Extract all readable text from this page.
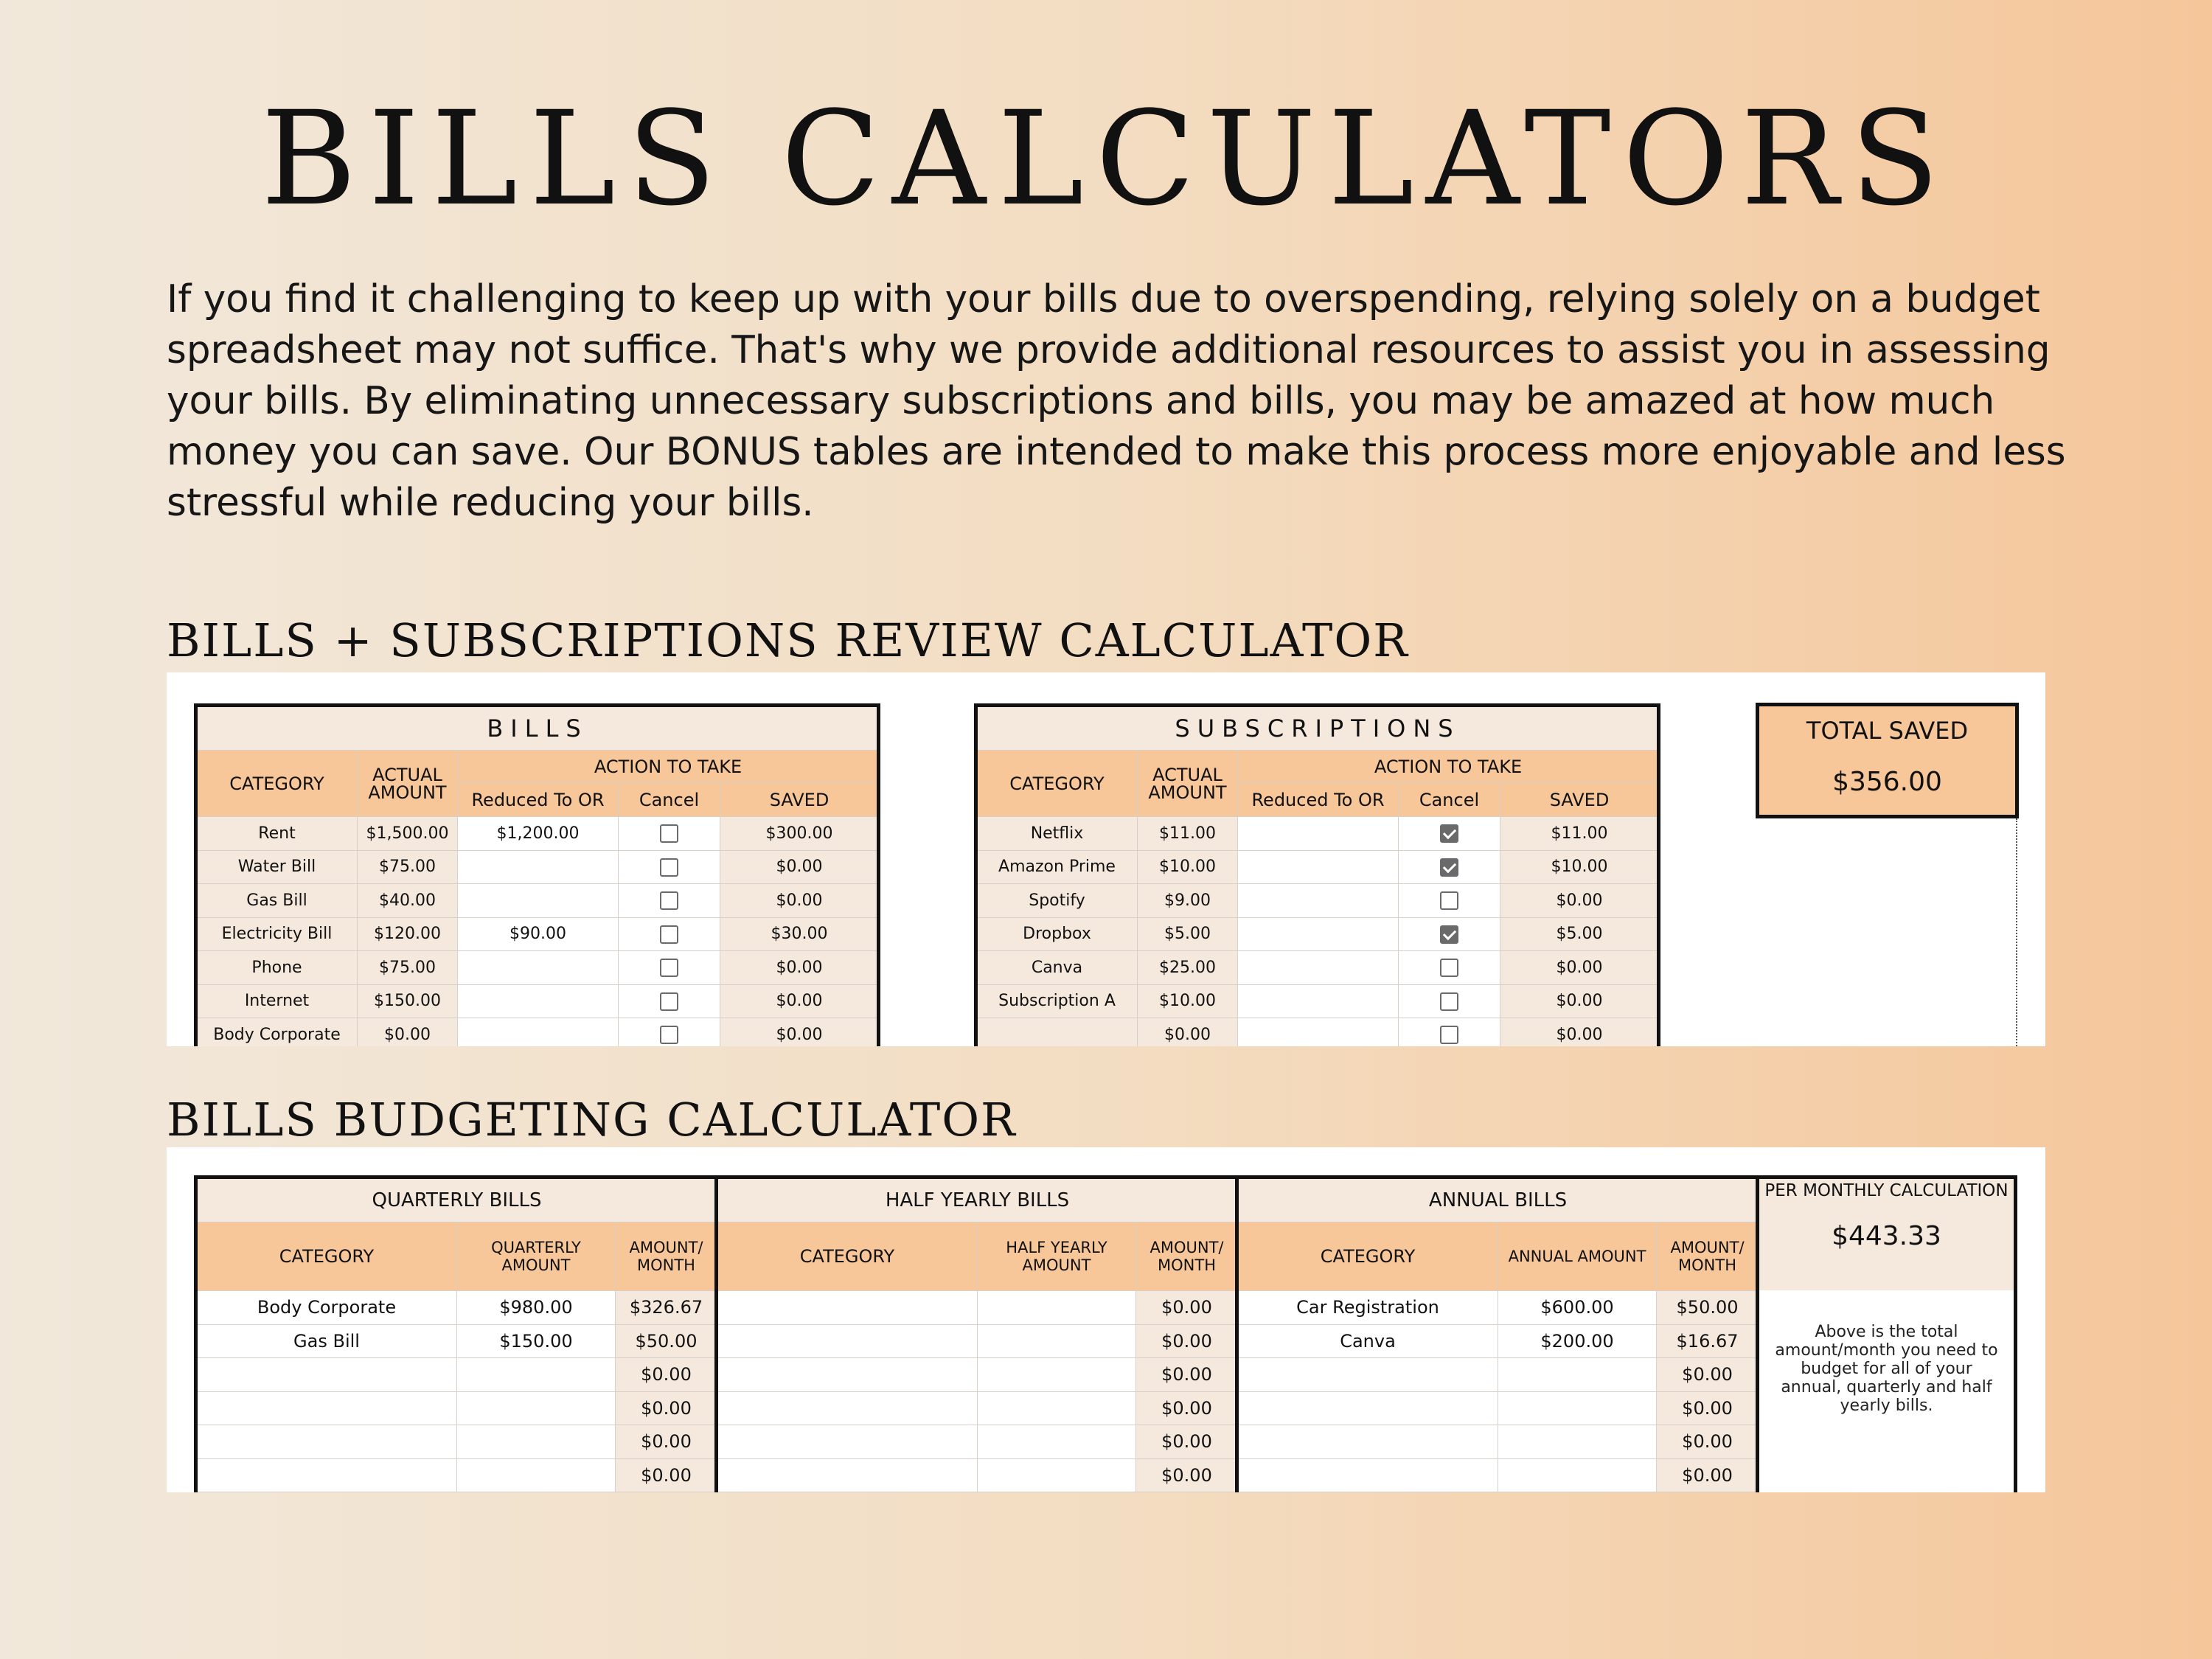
BILLS CALCULATORS

If you find it challenging to keep up with your bills due to overspending, relying solely on a budget spreadsheet may not suffice. That's why we provide additional resources to assist you in assessing your bills. By eliminating unnecessary subscriptions and bills, you may be amazed at how much money you can save. Our BONUS tables are intended to make this process more enjoyable and less stressful while reducing your bills.

BILLS + SUBSCRIPTIONS REVIEW CALCULATOR
BILLS				
CATEGORY	ACTUAL AMOUNT	ACTION TO TAKE		
		Reduced To OR	Cancel	SAVED
Rent	$1,500.00	$1,200.00		$300.00
Water Bill	$75.00			$0.00
Gas Bill	$40.00			$0.00
Electricity Bill	$120.00	$90.00		$30.00
Phone	$75.00			$0.00
Internet	$150.00			$0.00
Body Corporate	$0.00			$0.00
SUBSCRIPTIONS				
CATEGORY	ACTUAL AMOUNT	ACTION TO TAKE		
		Reduced To OR	Cancel	SAVED
Netflix	$11.00			$11.00
Amazon Prime	$10.00			$10.00
Spotify	$9.00			$0.00
Dropbox	$5.00			$5.00
Canva	$25.00			$0.00
Subscription A	$10.00			$0.00
	$0.00			$0.00
TOTAL SAVED
$356.00
BILLS BUDGETING CALCULATOR
QUARTERLY BILLS			HALF YEARLY BILLS			ANNUAL BILLS		
CATEGORY	QUARTERLY AMOUNT	AMOUNT/ MONTH	CATEGORY	HALF YEARLY AMOUNT	AMOUNT/ MONTH	CATEGORY	ANNUAL AMOUNT	AMOUNT/ MONTH
Body Corporate	$980.00	$326.67			$0.00	Car Registration	$600.00	$50.00
Gas Bill	$150.00	$50.00			$0.00	Canva	$200.00	$16.67
		$0.00			$0.00			$0.00
		$0.00			$0.00			$0.00
		$0.00			$0.00			$0.00
		$0.00			$0.00			$0.00
PER MONTHLY CALCULATION
$443.33
Above is the total amount/month you need to budget for all of your annual, quarterly and half yearly bills.
